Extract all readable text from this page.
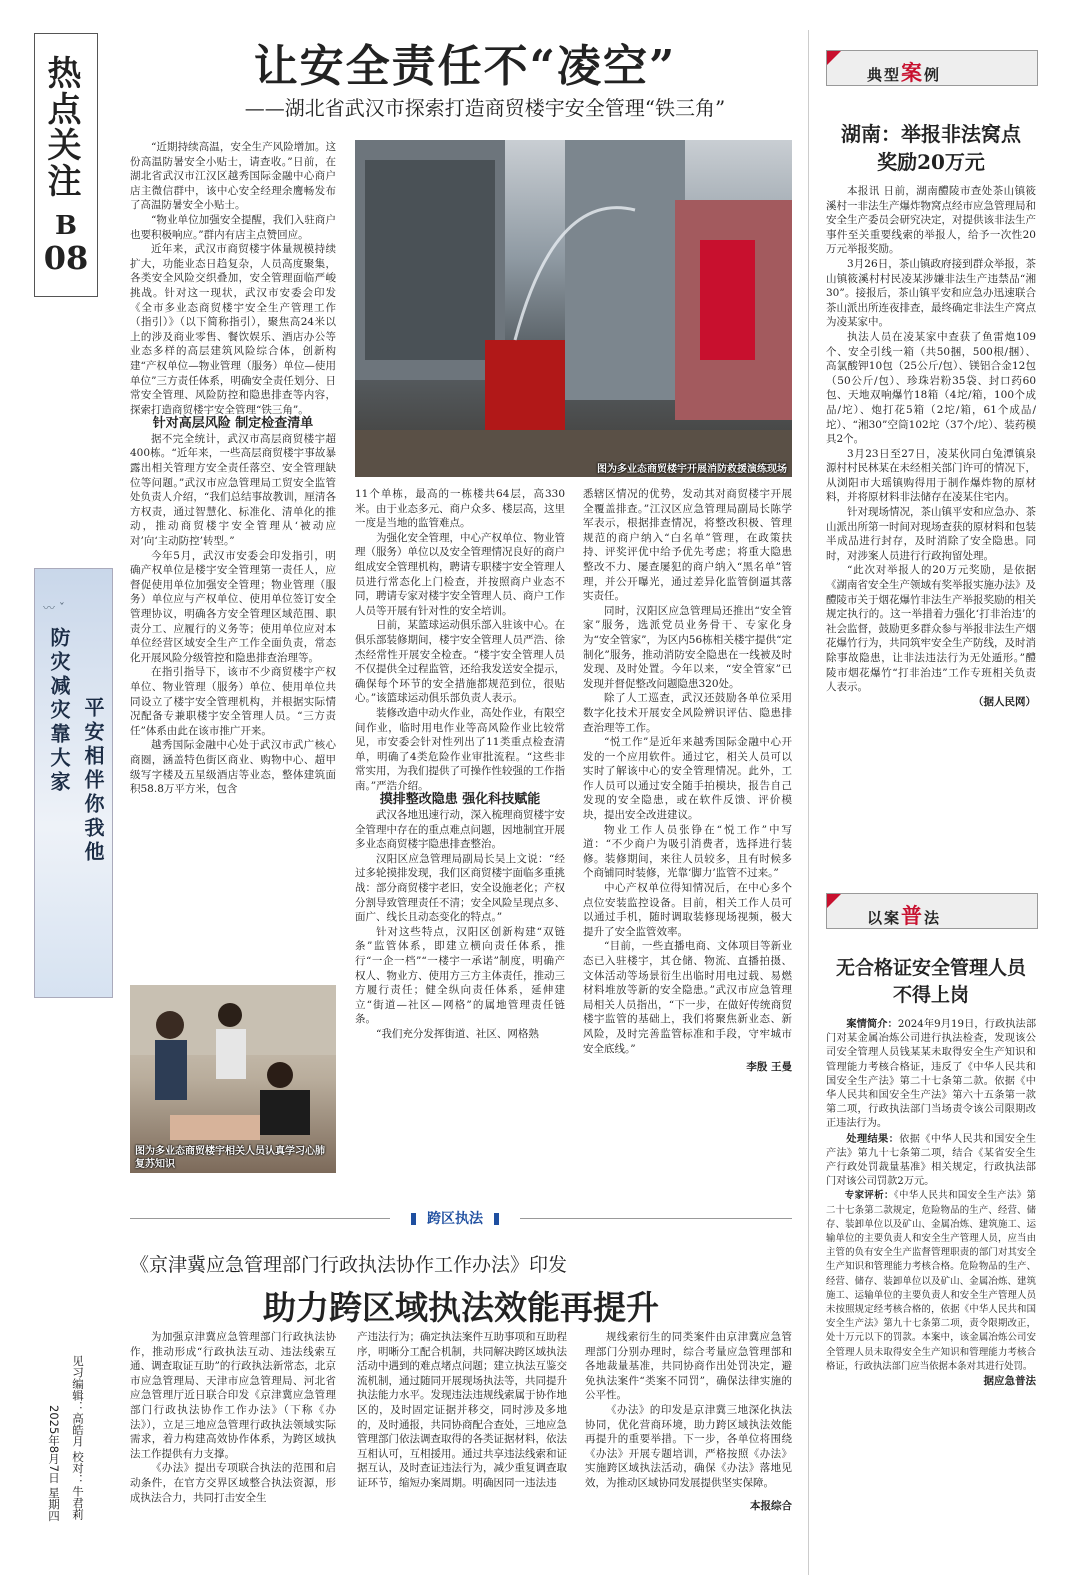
热点关注
B
08
〰 ˇ
防灾减灾靠大家 平安相伴你我他
见习编辑：高皓月 校对：牛君莉
2025年8月7日 星期四
让安全责任不“凌空”
——湖北省武汉市探索打造商贸楼宇安全管理“铁三角”

“近期持续高温，安全生产风险增加。这份高温防暑安全小贴士，请查收。”日前，在湖北省武汉市江汉区越秀国际金融中心商户店主微信群中，该中心安全经理余鹰畅发布了高温防暑安全小贴士。

“物业单位加强安全提醒，我们入驻商户也要积极响应。”群内有店主点赞回应。

近年来，武汉市商贸楼宇体量规模持续扩大，功能业态日趋复杂，人员高度聚集，各类安全风险交织叠加，安全管理面临严峻挑战。针对这一现状，武汉市安委会印发《全市多业态商贸楼宇安全生产管理工作（指引）》（以下简称指引），聚焦高24米以上的涉及商业零售、餐饮娱乐、酒店办公等业态多样的高层建筑风险综合体，创新构建“产权单位—物业管理（服务）单位—使用单位”三方责任体系，明确安全责任划分、日常安全管理、风险防控和隐患排查等内容，探索打造商贸楼宇安全管理“铁三角”。

针对高层风险 制定检查清单

据不完全统计，武汉市高层商贸楼宇超400栋。“近年来，一些高层商贸楼宇事故暴露出相关管理方安全责任落空、安全管理缺位等问题。”武汉市应急管理局工贸安全监管处负责人介绍，“我们总结事故教训，厘清各方权责，通过智慧化、标准化、清单化的推动，推动商贸楼宇安全管理从‘被动应对’向‘主动防控’转型。”

今年5月，武汉市安委会印发指引，明确产权单位是楼宇安全管理第一责任人，应督促使用单位加强安全管理；物业管理（服务）单位应与产权单位、使用单位签订安全管理协议，明确各方安全管理区域范围、职责分工、应履行的义务等；使用单位应对本单位经营区域安全生产工作全面负责，常态化开展风险分级管控和隐患排查治理等。

在指引指导下，该市不少商贸楼宇产权单位、物业管理（服务）单位、使用单位共同设立了楼宇安全管理机构，并根据实际情况配备专兼职楼宇安全管理人员。“三方责任”体系由此在该市推广开来。

越秀国际金融中心处于武汉市武广核心商圈，涵盖特色街区商业、购物中心、超甲级写字楼及五星级酒店等业态，整体建筑面积58.8万平方米，包含

图为多业态商贸楼宇开展消防救援演练现场
图为多业态商贸楼宇相关人员认真学习心肺复苏知识

11个单栋，最高的一栋楼共64层，高330米。由于业态多元、商户众多、楼层高，这里一度是当地的监管难点。

为强化安全管理，中心产权单位、物业管理（服务）单位以及安全管理情况良好的商户组成安全管理机构，聘请专职楼宇安全管理人员进行常态化上门检查，并按照商户业态不同，聘请专家对楼宇安全管理人员、商户工作人员等开展有针对性的安全培训。

日前，某篮球运动俱乐部入驻该中心。在俱乐部装修期间，楼宇安全管理人员严浩、徐杰经常性开展安全检查。“楼宇安全管理人员不仅提供全过程监管，还给我发送安全提示，确保每个环节的安全措施都规范到位，很贴心。”该篮球运动俱乐部负责人表示。

装修改造中动火作业，高处作业，有限空间作业，临时用电作业等高风险作业比较常见，市安委会针对性列出了11类重点检查清单，明确了4类危险作业审批流程。“这些非常实用，为我们提供了可操作性较强的工作指南。”严浩介绍。

摸排整改隐患 强化科技赋能

武汉各地迅速行动，深入梳理商贸楼宇安全管理中存在的重点难点问题，因地制宜开展多业态商贸楼宇隐患排查整治。

汉阳区应急管理局副局长吴上文说：“经过多轮摸排发现，我们区商贸楼宇面临多重挑战：部分商贸楼宇老旧，安全设施老化；产权分割导致管理责任不清；安全风险呈现点多、面广、线长且动态变化的特点。”

针对这些特点，汉阳区创新构建“双链条”监管体系，即建立横向责任体系，推行“一企一档”“一楼宇一承诺”制度，明确产权人、物业方、使用方三方主体责任，推动三方履行责任；健全纵向责任体系，延伸建立“街道—社区—网格”的属地管理责任链条。

“我们充分发挥街道、社区、网格熟

悉辖区情况的优势，发动其对商贸楼宇开展全覆盖排查。”江汉区应急管理局副局长陈学军表示，根据排查情况，将整改积极、管理规范的商户纳入“白名单”管理，在政策扶持、评奖评优中给予优先考虑；将重大隐患整改不力、屡查屡犯的商户纳入“黑名单”管理，并公开曝光，通过差异化监管倒逼其落实责任。

同时，汉阳区应急管理局还推出“安全管家”服务，选派党员业务骨干、专家化身为“安全管家”，为区内56栋相关楼宇提供“定制化”服务，推动消防安全隐患在一线被及时发现、及时处置。今年以来，“安全管家”已发现并督促整改问题隐患320处。

除了人工巡查，武汉还鼓励各单位采用数字化技术开展安全风险辨识评估、隐患排查治理等工作。

“悦工作”是近年来越秀国际金融中心开发的一个应用软件。通过它，相关人员可以实时了解该中心的安全管理情况。此外，工作人员可以通过安全随手拍模块，报告自己发现的安全隐患，或在软件反馈、评价模块，提出安全改进建议。

物业工作人员张铮在“悦工作”中写道：“不少商户为吸引消费者，选择进行装修。装修期间，来往人员较多，且有时候多个商铺同时装修，光靠‘脚力’监管不过来。”

中心产权单位得知情况后，在中心多个点位安装监控设备。目前，相关工作人员可以通过手机，随时调取装修现场视频，极大提升了安全监管效率。

“目前，一些直播电商、文体项目等新业态已入驻楼宇，其仓储、物流、直播拍摄、文体活动等场景衍生出临时用电过载、易燃材料堆放等新的安全隐患。”武汉市应急管理局相关人员指出，“下一步，在做好传统商贸楼宇监管的基础上，我们将聚焦新业态、新风险，及时完善监管标准和手段，守牢城市安全底线。”

李殷 王曼

跨区执法
《京津冀应急管理部门行政执法协作工作办法》印发
助力跨区域执法效能再提升

为加强京津冀应急管理部门行政执法协作，推动形成“行政执法互动、违法线索互通、调查取证互助”的行政执法新常态，北京市应急管理局、天津市应急管理局、河北省应急管理厅近日联合印发《京津冀应急管理部门行政执法协作工作办法》（下称《办法》），立足三地应急管理行政执法领域实际需求，着力构建高效协作体系，为跨区域执法工作提供有力支撑。

《办法》提出专项联合执法的范围和启动条件，在官方交界区域整合执法资源，形成执法合力，共同打击安全生

产违法行为；确定执法案件互助事项和互助程序，明晰分工配合机制，共同解决跨区域执法活动中遇到的难点堵点问题；建立执法互鉴交流机制，通过随同开展现场执法等，共同提升执法能力水平。发现违法违规线索属于协作地区的，及时固定证据并移交，同时涉及多地的，及时通报，共同协商配合查处，三地应急管理部门依法调查取得的各类证据材料，依法互相认可，互相援用。通过共享违法线索和证据互认，及时查证违法行为，减少重复调查取证环节，缩短办案周期。明确因同一违法违

规线索衍生的同类案件由京津冀应急管理部门分别办理时，综合考量应急管理部和各地裁量基准，共同协商作出处罚决定，避免执法案件“类案不同罚”，确保法律实施的公平性。

《办法》的印发是京津冀三地深化执法协同，优化营商环境，助力跨区域执法效能再提升的重要举措。下一步，各单位将围绕《办法》开展专题培训，严格按照《办法》实施跨区域执法活动，确保《办法》落地见效，为推动区域协同发展提供坚实保障。

本报综合

典型案例
湖南：举报非法窝点
奖励20万元

本报讯 日前，湖南醴陵市查处茶山镇筱溪村一非法生产爆炸物窝点经市应急管理局和安全生产委员会研究决定，对提供该非法生产事件至关重要线索的举报人，给予一次性20万元举报奖励。

3月26日，茶山镇政府接到群众举报，茶山镇筱溪村村民凌某涉嫌非法生产违禁品“湘30”。接报后，茶山镇平安和应急办迅速联合茶山派出所连夜排查，最终确定非法生产窝点为凌某家中。

执法人员在凌某家中查获了鱼雷炮109个、安全引线一箱（共50捆，500根/捆）、高氯酸钾10包（25公斤/包）、镁铝合金12包（50公斤/包）、珍珠岩粉35袋、封口药60包、天地双响爆竹18箱（4坨/箱，100个成品/坨）、炮打花5箱（2坨/箱，61个成品/坨）、“湘30”空筒102坨（37个/坨）、装药模具2个。

3月23日至27日，凌某伙同白兔潭镇泉源村村民林某在未经相关部门许可的情况下，从浏阳市大瑶镇购得用于制作爆炸物的原材料，并将原材料非法储存在凌某住宅内。

针对现场情况，茶山镇平安和应急办、茶山派出所第一时间对现场查获的原材料和包装半成品进行封存，及时消除了安全隐患。同时，对涉案人员进行行政拘留处理。

“此次对举报人的20万元奖励，是依据《湖南省安全生产领域有奖举报实施办法》及醴陵市关于烟花爆竹非法生产举报奖励的相关规定执行的。这一举措着力强化‘打非治违’的社会监督，鼓励更多群众参与举报非法生产烟花爆竹行为，共同筑牢安全生产防线，及时消除事故隐患，让非法违法行为无处遁形。”醴陵市烟花爆竹“打非治违”工作专班相关负责人表示。

（据人民网）

以案普法
无合格证安全管理人员
不得上岗

案情简介：2024年9月19日，行政执法部门对某金属冶炼公司进行执法检查，发现该公司安全管理人员钱某某未取得安全生产知识和管理能力考核合格证，违反了《中华人民共和国安全生产法》第二十七条第二款。依据《中华人民共和国安全生产法》第六十五条第一款第二项，行政执法部门当场责令该公司限期改正违法行为。

处理结果：依据《中华人民共和国安全生产法》第九十七条第二项，结合《某省安全生产行政处罚裁量基准》相关规定，行政执法部门对该公司罚款2万元。

专家评析：《中华人民共和国安全生产法》第二十七条第二款规定，危险物品的生产、经营、储存、装卸单位以及矿山、金属冶炼、建筑施工、运输单位的主要负责人和安全生产管理人员，应当由主管的负有安全生产监督管理职责的部门对其安全生产知识和管理能力考核合格。危险物品的生产、经营、储存、装卸单位以及矿山、金属冶炼、建筑施工、运输单位的主要负责人和安全生产管理人员未按照规定经考核合格的，依据《中华人民共和国安全生产法》第九十七条第二项，责令限期改正，处十万元以下的罚款。本案中，该金属冶炼公司安全管理人员未取得安全生产知识和管理能力考核合格证，行政执法部门应当依据本条对其进行处罚。

据应急普法
